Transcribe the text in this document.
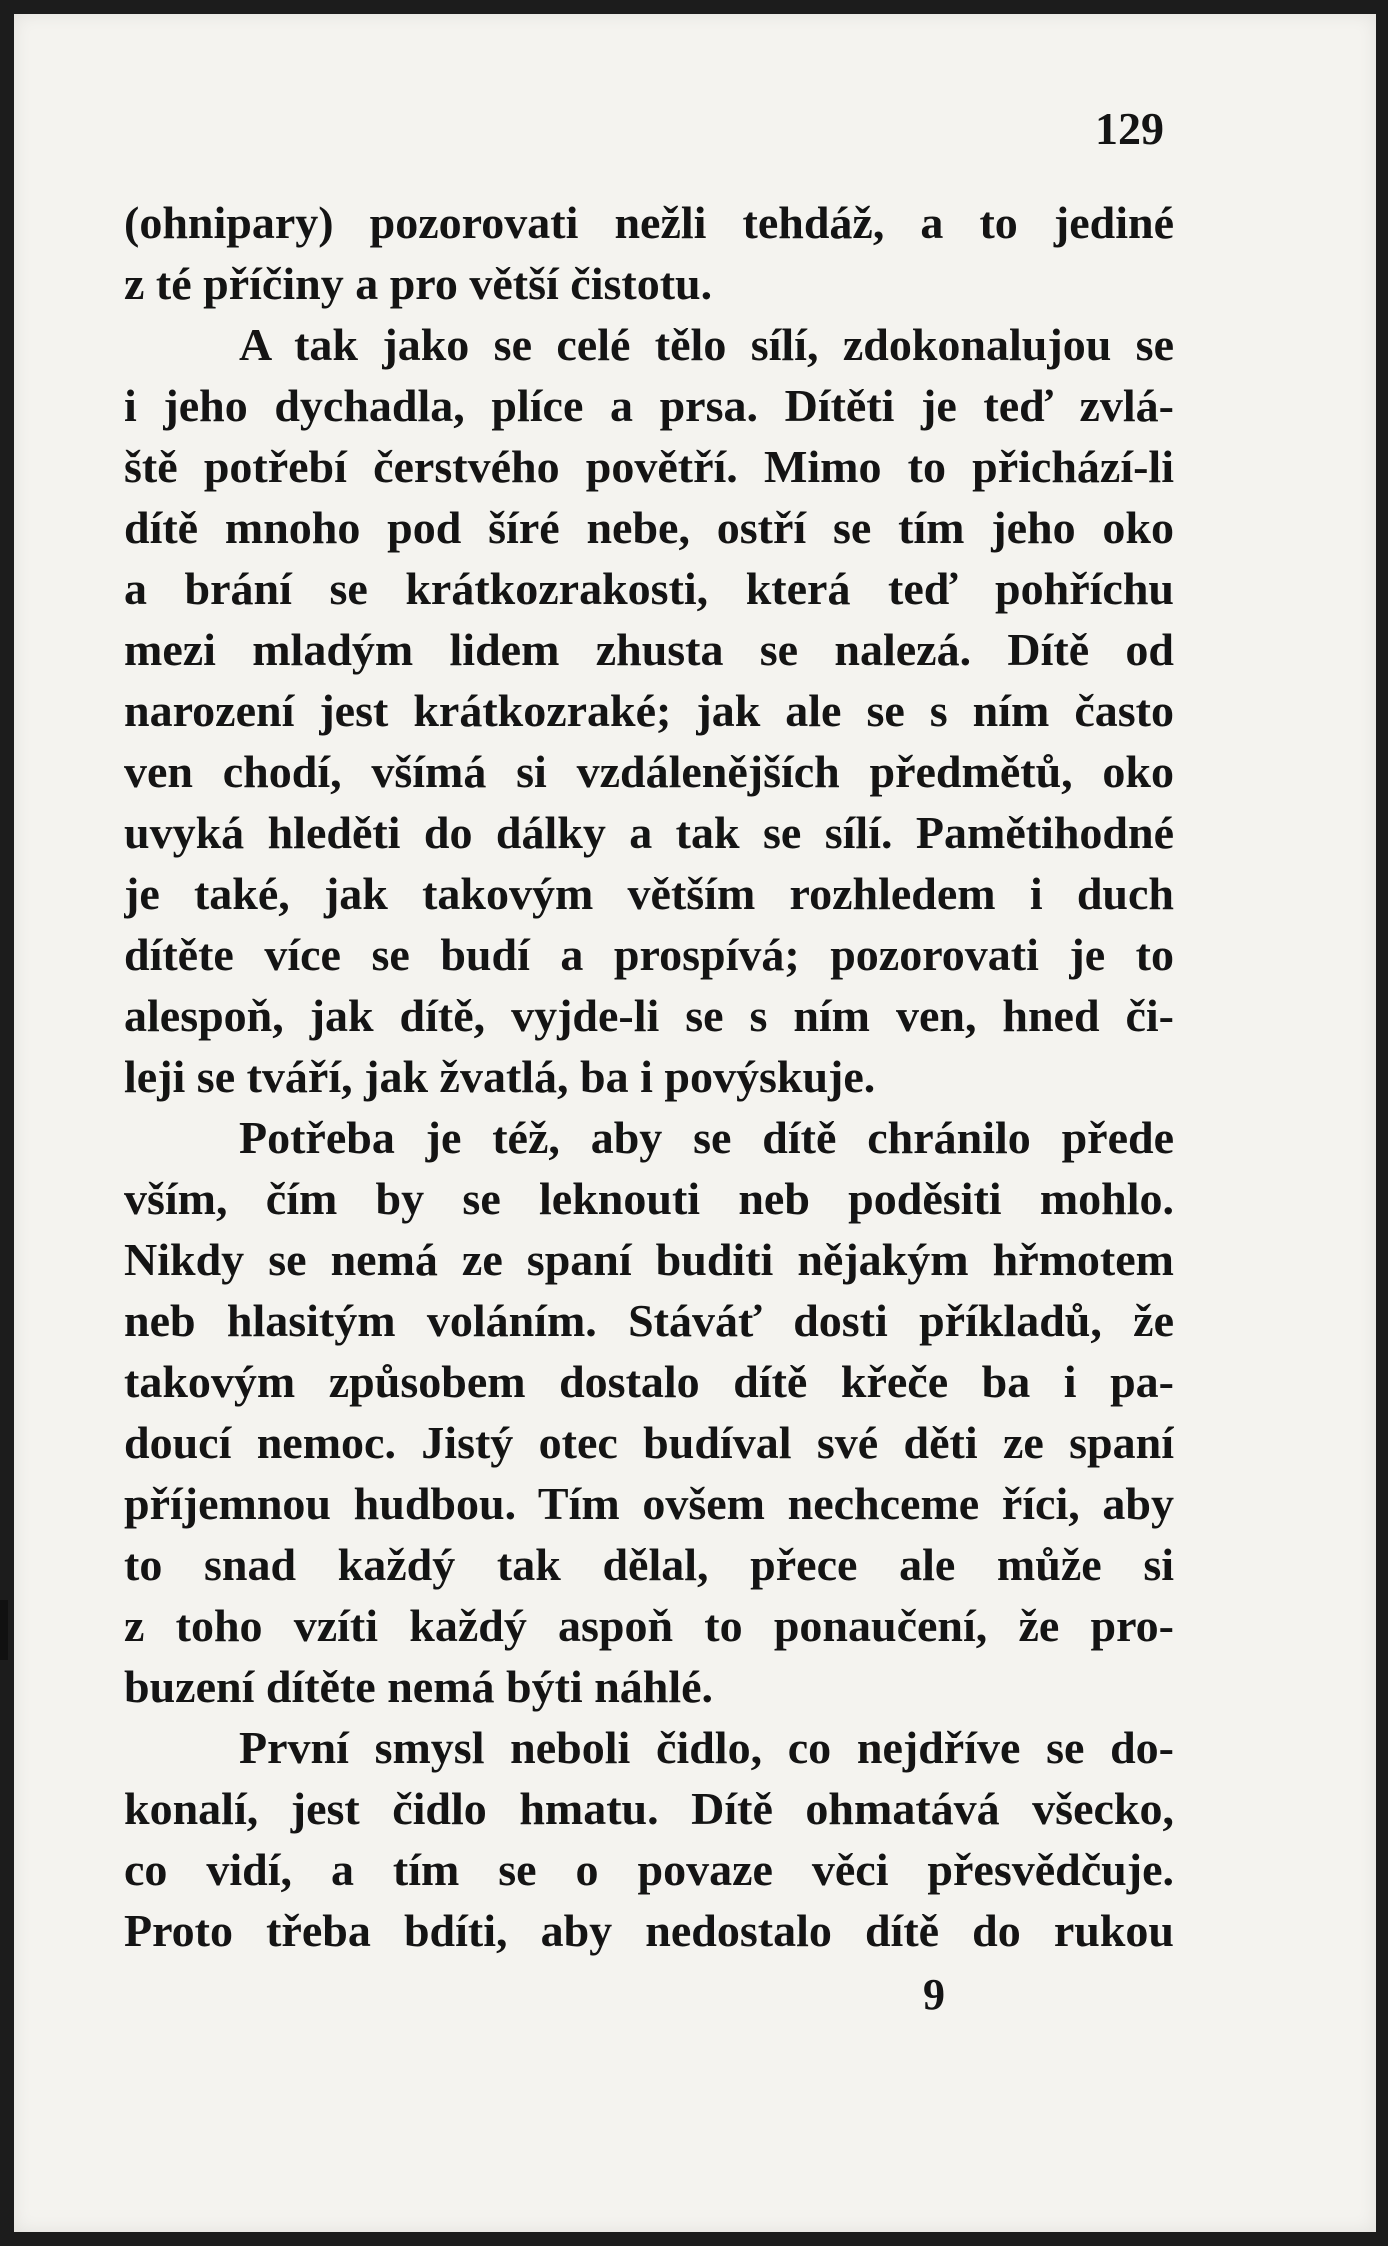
129
(ohnipary) pozorovati nežli tehdáž, a to jediné
z té příčiny a pro větší čistotu.
A tak jako se celé tělo sílí, zdokonalujou se
i jeho dychadla, plíce a prsa. Dítěti je teď zvlá-
ště potřebí čerstvého povětří. Mimo to přichází-li
dítě mnoho pod šíré nebe, ostří se tím jeho oko
a brání se krátkozrakosti, která teď pohříchu
mezi mladým lidem zhusta se nalezá. Dítě od
narození jest krátkozraké; jak ale se s ním často
ven chodí, všímá si vzdálenějších předmětů, oko
uvyká hleděti do dálky a tak se sílí. Pamětihodné
je také, jak takovým větším rozhledem i duch
dítěte více se budí a prospívá; pozorovati je to
alespoň, jak dítě, vyjde-li se s ním ven, hned či-
leji se tváří, jak žvatlá, ba i povýskuje.
Potřeba je též, aby se dítě chránilo přede
vším, čím by se leknouti neb poděsiti mohlo.
Nikdy se nemá ze spaní buditi nějakým hřmotem
neb hlasitým voláním. Stáváť dosti příkladů, že
takovým způsobem dostalo dítě křeče ba i pa-
doucí nemoc. Jistý otec budíval své děti ze spaní
příjemnou hudbou. Tím ovšem nechceme říci, aby
to snad každý tak dělal, přece ale může si
z toho vzíti každý aspoň to ponaučení, že pro-
buzení dítěte nemá býti náhlé.
První smysl neboli čidlo, co nejdříve se do-
konalí, jest čidlo hmatu. Dítě ohmatává všecko,
co vidí, a tím se o povaze věci přesvědčuje.
Proto třeba bdíti, aby nedostalo dítě do rukou
9
